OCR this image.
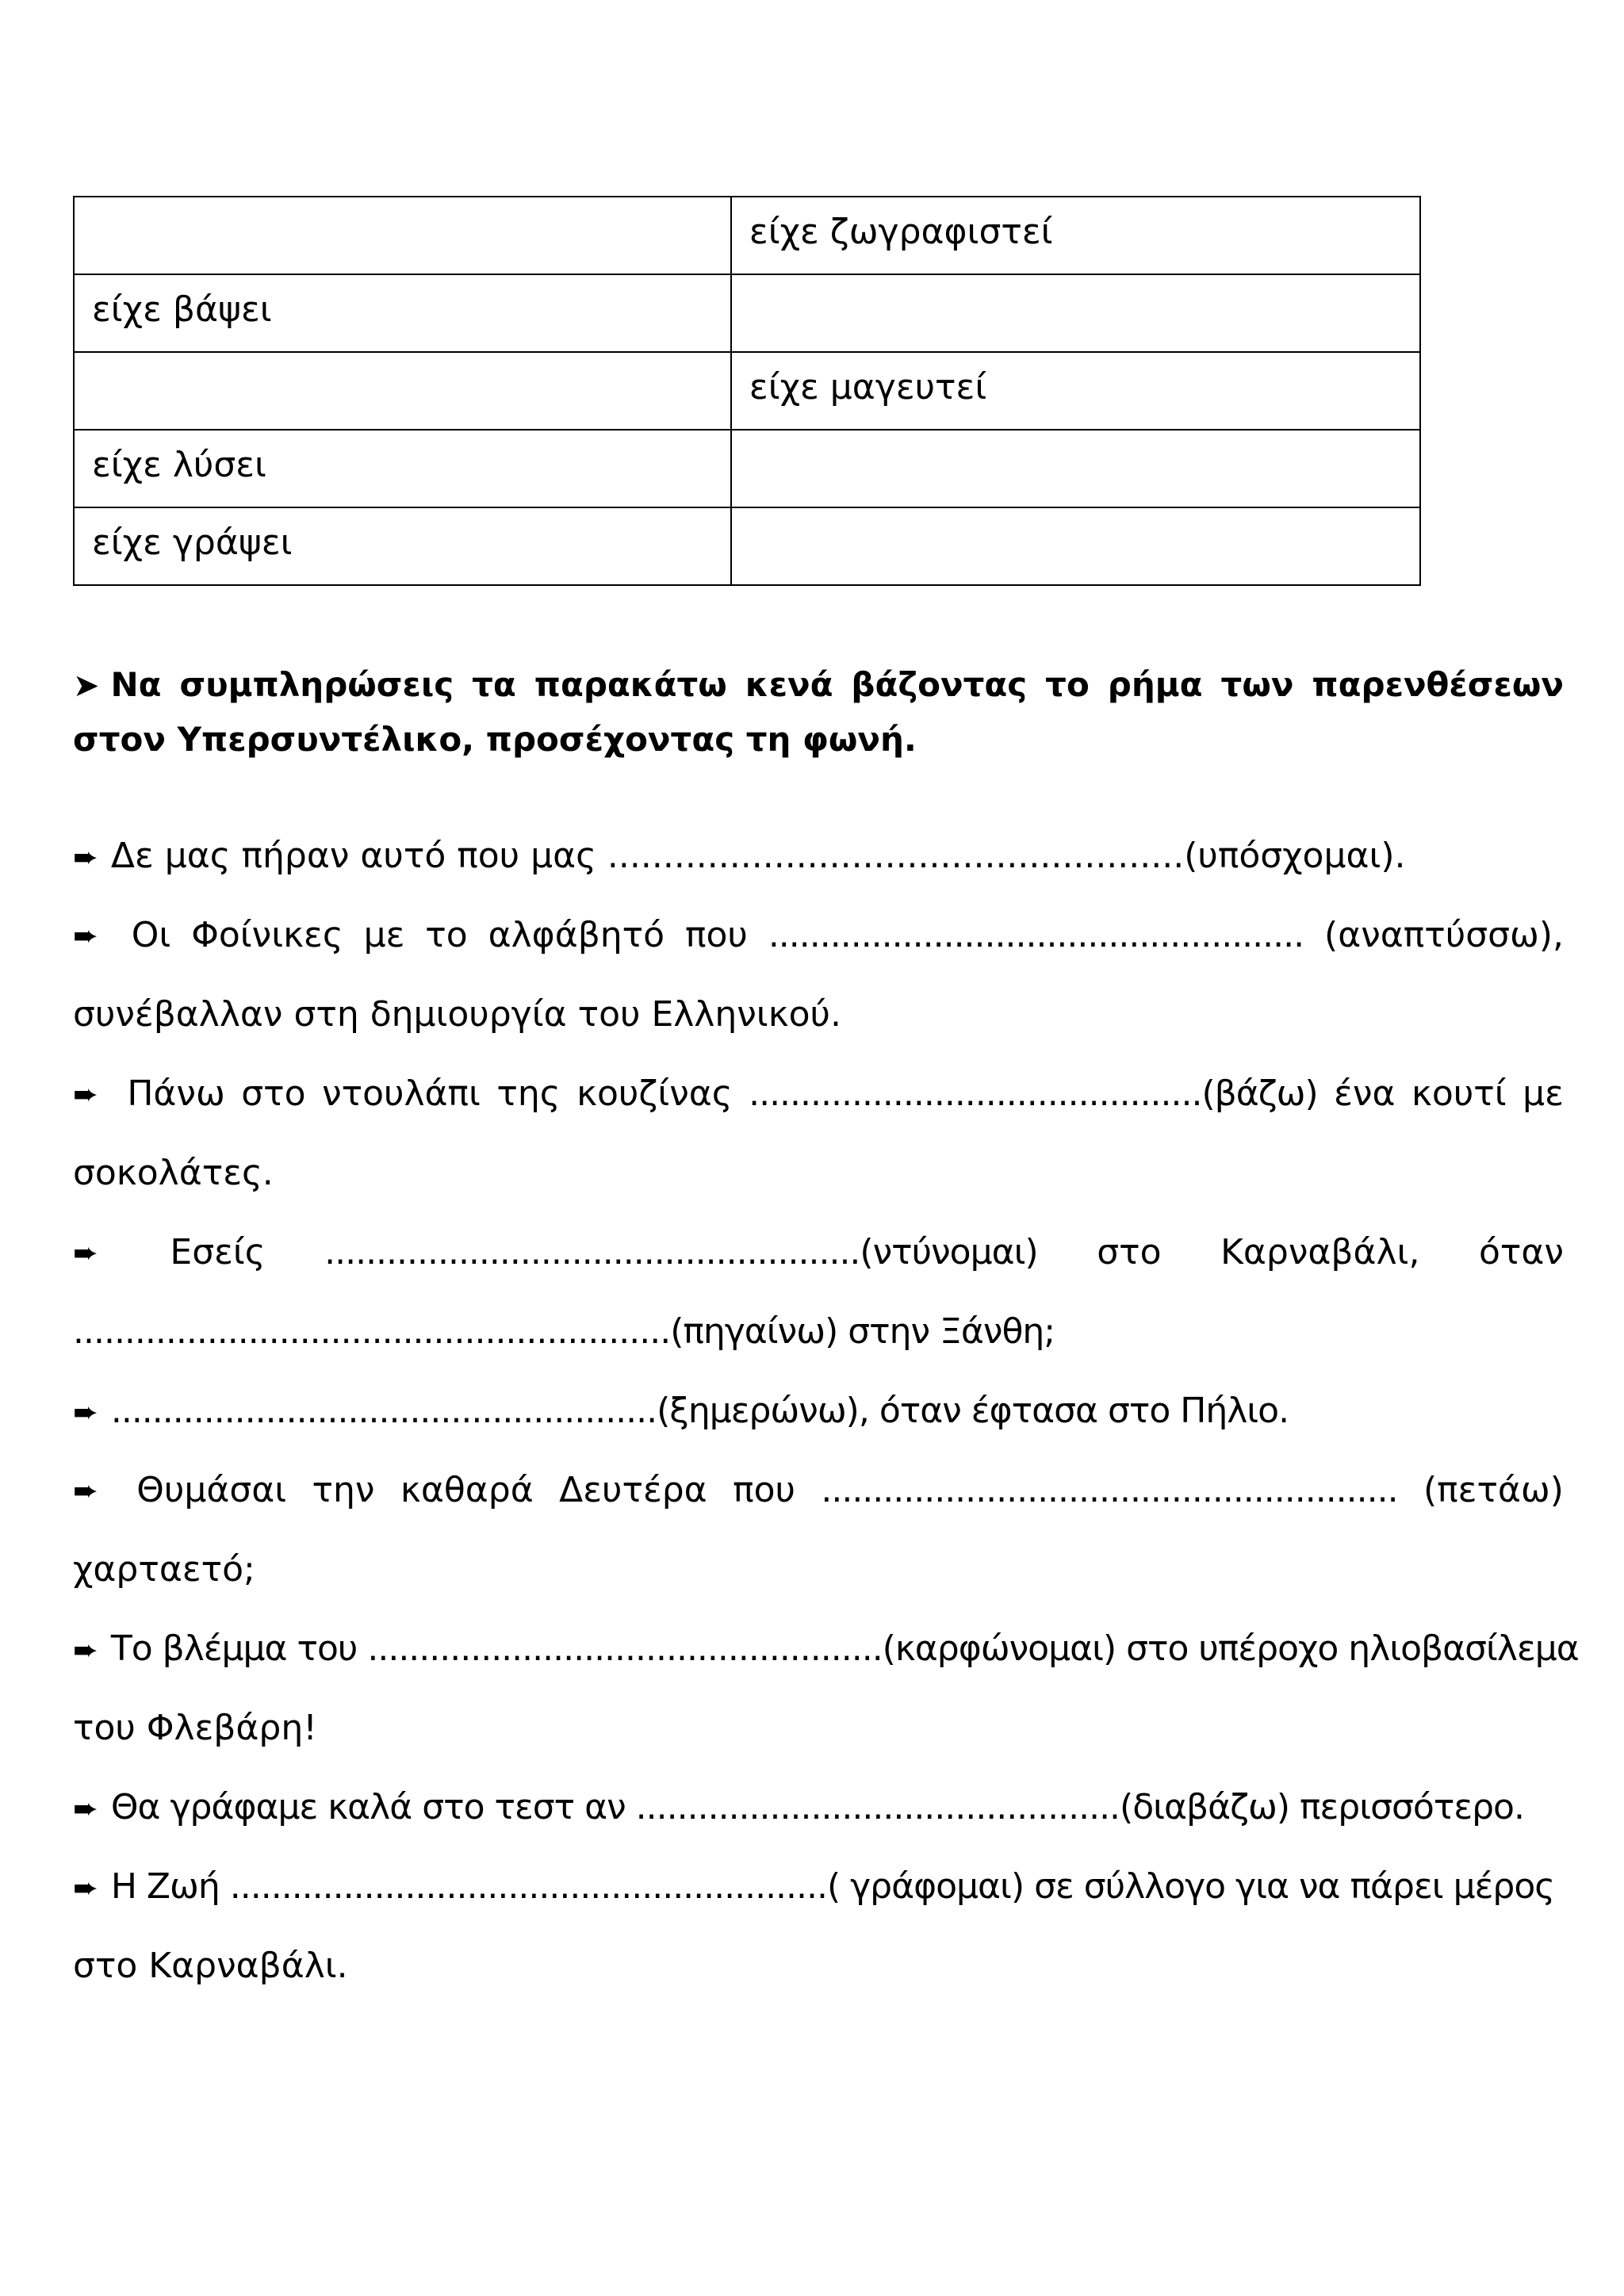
	είχε ζωγραφιστεί
είχε βάψει	
	είχε μαγευτεί
είχε λύσει	
είχε γράψει	
➤ Να συμπληρώσεις τα παρακάτω κενά βάζοντας το ρήμα των παρενθέσεων στον Υπερσυντέλικο, προσέχοντας τη φωνή.
➨ Δε μας πήραν αυτό που μας ....................................................(υπόσχομαι).
➨ Οι Φοίνικες με το αλφάβητό που .................................................... (αναπτύσσω),
συνέβαλλαν στη δημιουργία του Ελληνικού.
➨ Πάνω στο ντουλάπι της κουζίνας ............................................(βάζω) ένα κουτί με
σοκολάτες.
➨ Εσείς ....................................................(ντύνομαι) στο Καρναβάλι, όταν
..........................................................(πηγαίνω) στην Ξάνθη;
➨ .....................................................(ξημερώνω), όταν έφτασα στο Πήλιο.
➨ Θυμάσαι την καθαρά Δευτέρα που ........................................................ (πετάω)
χαρταετό;
➨ Το βλέμμα του ..................................................(καρφώνομαι) στο υπέροχο ηλιοβασίλεμα
του Φλεβάρη!
➨ Θα γράφαμε καλά στο τεστ αν ...............................................(διαβάζω) περισσότερο.
➨ Η Ζωή ..........................................................( γράφομαι) σε σύλλογο για να πάρει μέρος
στο Καρναβάλι.
